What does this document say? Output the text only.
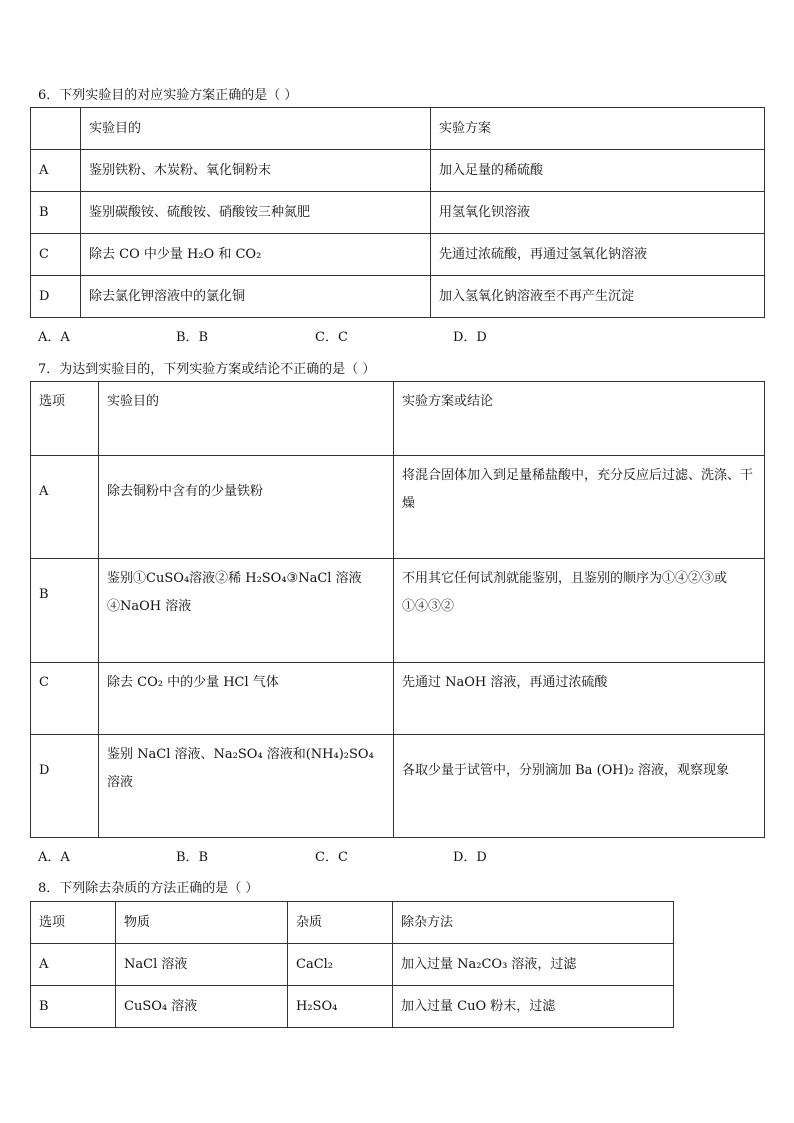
6．下列实验目的对应实验方案正确的是（ ）
	实验目的	实验方案
A	鉴别铁粉、木炭粉、氧化铜粉末	加入足量的稀硫酸
B	鉴别碳酸铵、硫酸铵、硝酸铵三种氮肥	用氢氧化钡溶液
C	除去 CO 中少量 H₂O 和 CO₂	先通过浓硫酸，再通过氢氧化钠溶液
D	除去氯化钾溶液中的氯化铜	加入氢氧化钠溶液至不再产生沉淀
A．A	B．B	C．C	D．D
7．为达到实验目的，下列实验方案或结论不正确的是（ ）
选项	实验目的	实验方案或结论
A	除去铜粉中含有的少量铁粉	将混合固体加入到足量稀盐酸中，充分反应后过滤、洗涤、干燥
B	鉴别①CuSO₄溶液②稀 H₂SO₄③NaCl 溶液④NaOH 溶液	不用其它任何试剂就能鉴别，且鉴别的顺序为①④②③或①④③②
C	除去 CO₂ 中的少量 HCl 气体	先通过 NaOH 溶液，再通过浓硫酸
D	鉴别 NaCl 溶液、Na₂SO₄ 溶液和(NH₄)₂SO₄ 溶液	各取少量于试管中，分别滴加 Ba (OH)₂ 溶液，观察现象
A．A	B．B	C．C	D．D
8．下列除去杂质的方法正确的是（ ）
选项	物质	杂质	除杂方法
A	NaCl 溶液	CaCl₂	加入过量 Na₂CO₃ 溶液，过滤
B	CuSO₄ 溶液	H₂SO₄	加入过量 CuO 粉末，过滤
